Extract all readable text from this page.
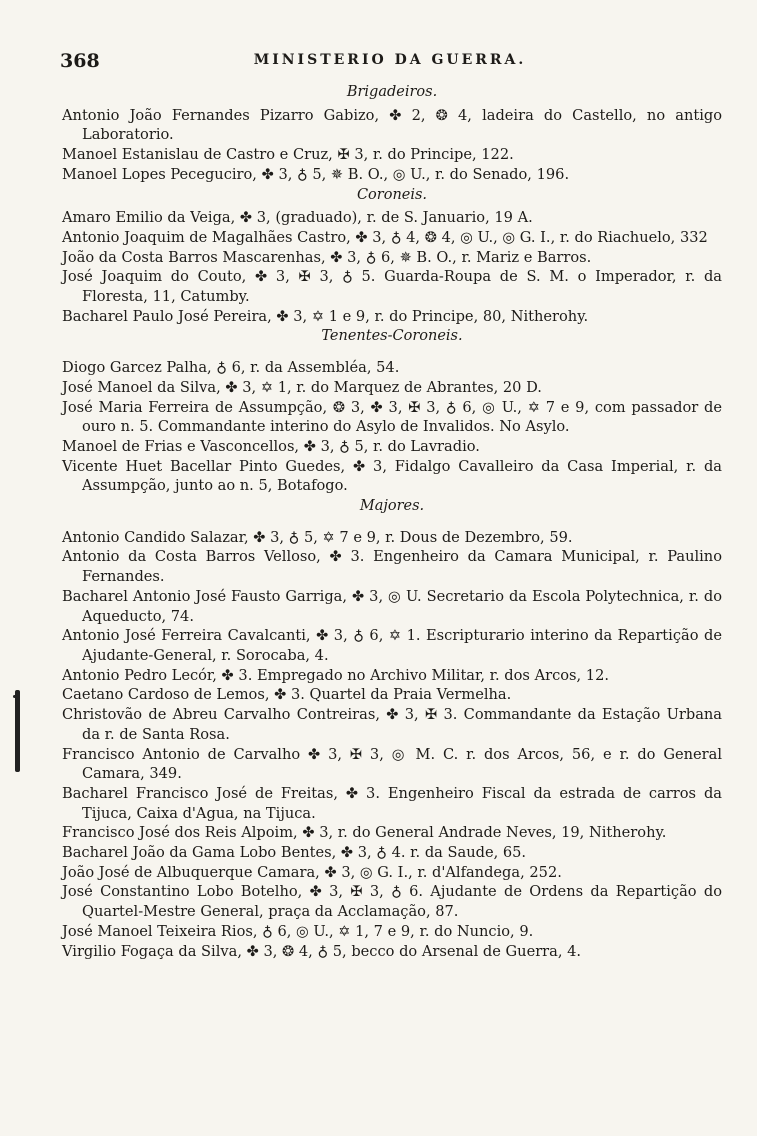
368	MINISTERIO DA GUERRA.
Brigadeiros.

Antonio João Fernandes Pizarro Gabizo, ✤ 2, ❂ 4, ladeira do Castello, no antigo Laboratorio.

Manoel Estanislau de Castro e Cruz, ✠ 3, r. do Principe, 122.

Manoel Lopes Peceguciro, ✤ 3, ♁ 5, ✵ B. O., ◎ U., r. do Senado, 196.

Coroneis.

Amaro Emilio da Veiga, ✤ 3, (graduado), r. de S. Januario, 19 A.

Antonio Joaquim de Magalhães Castro, ✤ 3, ♁ 4, ❂ 4, ◎ U., ◎ G. I., r. do Riachuelo, 332

João da Costa Barros Mascarenhas, ✤ 3, ♁ 6, ✵ B. O., r. Mariz e Barros.

José Joaquim do Couto, ✤ 3, ✠ 3, ♁ 5. Guarda-Roupa de S. M. o Imperador, r. da Floresta, 11, Catumby.

Bacharel Paulo José Pereira, ✤ 3, ✡ 1 e 9, r. do Principe, 80, Nitherohy.

Tenentes-Coroneis.

Diogo Garcez Palha, ♁ 6, r. da Assembléa, 54.

José Manoel da Silva, ✤ 3, ✡ 1, r. do Marquez de Abrantes, 20 D.

José Maria Ferreira de Assumpção, ❂ 3, ✤ 3, ✠ 3, ♁ 6, ◎ U., ✡ 7 e 9, com passador de ouro n. 5. Commandante interino do Asylo de Invalidos. No Asylo.

Manoel de Frias e Vasconcellos, ✤ 3, ♁ 5, r. do Lavradio.

Vicente Huet Bacellar Pinto Guedes, ✤ 3, Fidalgo Cavalleiro da Casa Imperial, r. da Assumpção, junto ao n. 5, Botafogo.

Majores.

Antonio Candido Salazar, ✤ 3, ♁ 5, ✡ 7 e 9, r. Dous de Dezembro, 59.

Antonio da Costa Barros Velloso, ✤ 3. Engenheiro da Camara Municipal, r. Paulino Fernandes.

Bacharel Antonio José Fausto Garriga, ✤ 3, ◎ U. Secretario da Escola Polytechnica, r. do Aqueducto, 74.

Antonio José Ferreira Cavalcanti, ✤ 3, ♁ 6, ✡ 1. Escripturario interino da Repartição de Ajudante-General, r. Sorocaba, 4.

Antonio Pedro Lecór, ✤ 3. Empregado no Archivo Militar, r. dos Arcos, 12.

Caetano Cardoso de Lemos, ✤ 3. Quartel da Praia Vermelha.

Christovão de Abreu Carvalho Contreiras, ✤ 3, ✠ 3. Commandante da Estação Urbana da r. de Santa Rosa.

Francisco Antonio de Carvalho ✤ 3, ✠ 3, ◎ M. C. r. dos Arcos, 56, e r. do General Camara, 349.

Bacharel Francisco José de Freitas, ✤ 3. Engenheiro Fiscal da estrada de carros da Tijuca, Caixa d'Agua, na Tijuca.

Francisco José dos Reis Alpoim, ✤ 3, r. do General Andrade Neves, 19, Nitherohy.

Bacharel João da Gama Lobo Bentes, ✤ 3, ♁ 4. r. da Saude, 65.

João José de Albuquerque Camara, ✤ 3, ◎ G. I., r. d'Alfandega, 252.

José Constantino Lobo Botelho, ✤ 3, ✠ 3, ♁ 6. Ajudante de Ordens da Repartição do Quartel-Mestre General, praça da Acclamação, 87.

José Manoel Teixeira Rios, ♁ 6, ◎ U., ✡ 1, 7 e 9, r. do Nuncio, 9.

Virgilio Fogaça da Silva, ✤ 3, ❂ 4, ♁ 5, becco do Arsenal de Guerra, 4.
